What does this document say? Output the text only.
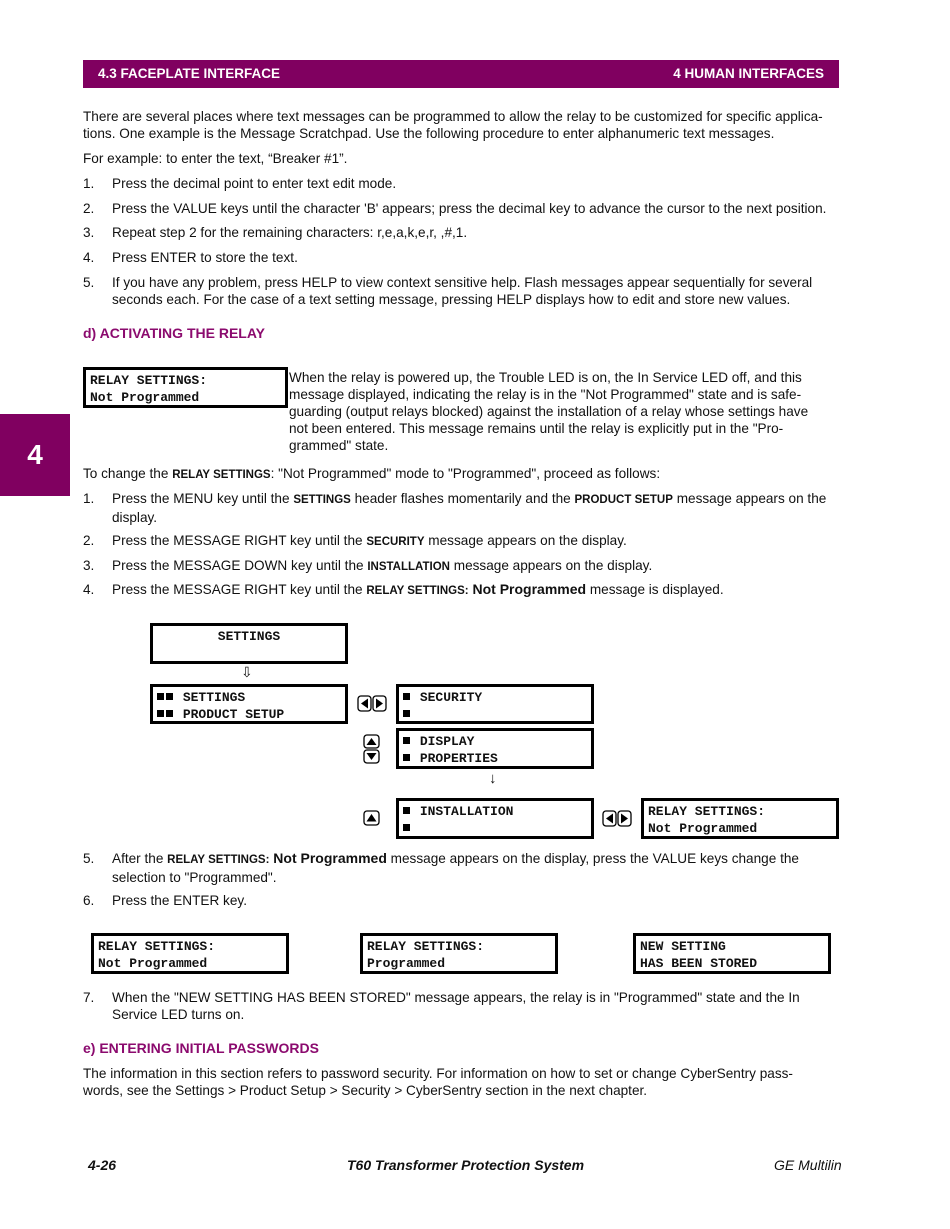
4.3 FACEPLATE INTERFACE	4 HUMAN INTERFACES
There are several places where text messages can be programmed to allow the relay to be customized for specific applica-
tions. One example is the Message Scratchpad. Use the following procedure to enter alphanumeric text messages.
For example: to enter the text, “Breaker #1”.
1. Press the decimal point to enter text edit mode.
2. Press the VALUE keys until the character 'B' appears; press the decimal key to advance the cursor to the next position.
3. Repeat step 2 for the remaining characters: r,e,a,k,e,r, ,#,1.
4. Press ENTER to store the text.
5. If you have any problem, press HELP to view context sensitive help. Flash messages appear sequentially for several
seconds each. For the case of a text setting message, pressing HELP displays how to edit and store new values.
d) ACTIVATING THE RELAY
4
RELAY SETTINGS:
Not Programmed
When the relay is powered up, the Trouble LED is on, the In Service LED off, and this
message displayed, indicating the relay is in the "Not Programmed" state and is safe-
guarding (output relays blocked) against the installation of a relay whose settings have
not been entered. This message remains until the relay is explicitly put in the "Pro-
grammed" state.
To change the RELAY SETTINGS: "Not Programmed" mode to "Programmed", proceed as follows:
1. Press the MENU key until the SETTINGS header flashes momentarily and the PRODUCT SETUP message appears on the
display.
2. Press the MESSAGE RIGHT key until the SECURITY message appears on the display.
3. Press the MESSAGE DOWN key until the INSTALLATION message appears on the display.
4. Press the MESSAGE RIGHT key until the RELAY SETTINGS: Not Programmed message is displayed.
SETTINGS
⇩
SETTINGS
PRODUCT SETUP
SECURITY
DISPLAY
PROPERTIES
↓
INSTALLATION	RELAY SETTINGS:
Not Programmed
5. After the RELAY SETTINGS: Not Programmed message appears on the display, press the VALUE keys change the
selection to "Programmed".
6. Press the ENTER key.
RELAY SETTINGS:
Not Programmed
RELAY SETTINGS:
Programmed
NEW SETTING
HAS BEEN STORED
7. When the "NEW SETTING HAS BEEN STORED" message appears, the relay is in "Programmed" state and the In
Service LED turns on.
e) ENTERING INITIAL PASSWORDS
The information in this section refers to password security. For information on how to set or change CyberSentry pass-
words, see the Settings > Product Setup > Security > CyberSentry section in the next chapter.
4-26	T60 Transformer Protection System	GE Multilin
